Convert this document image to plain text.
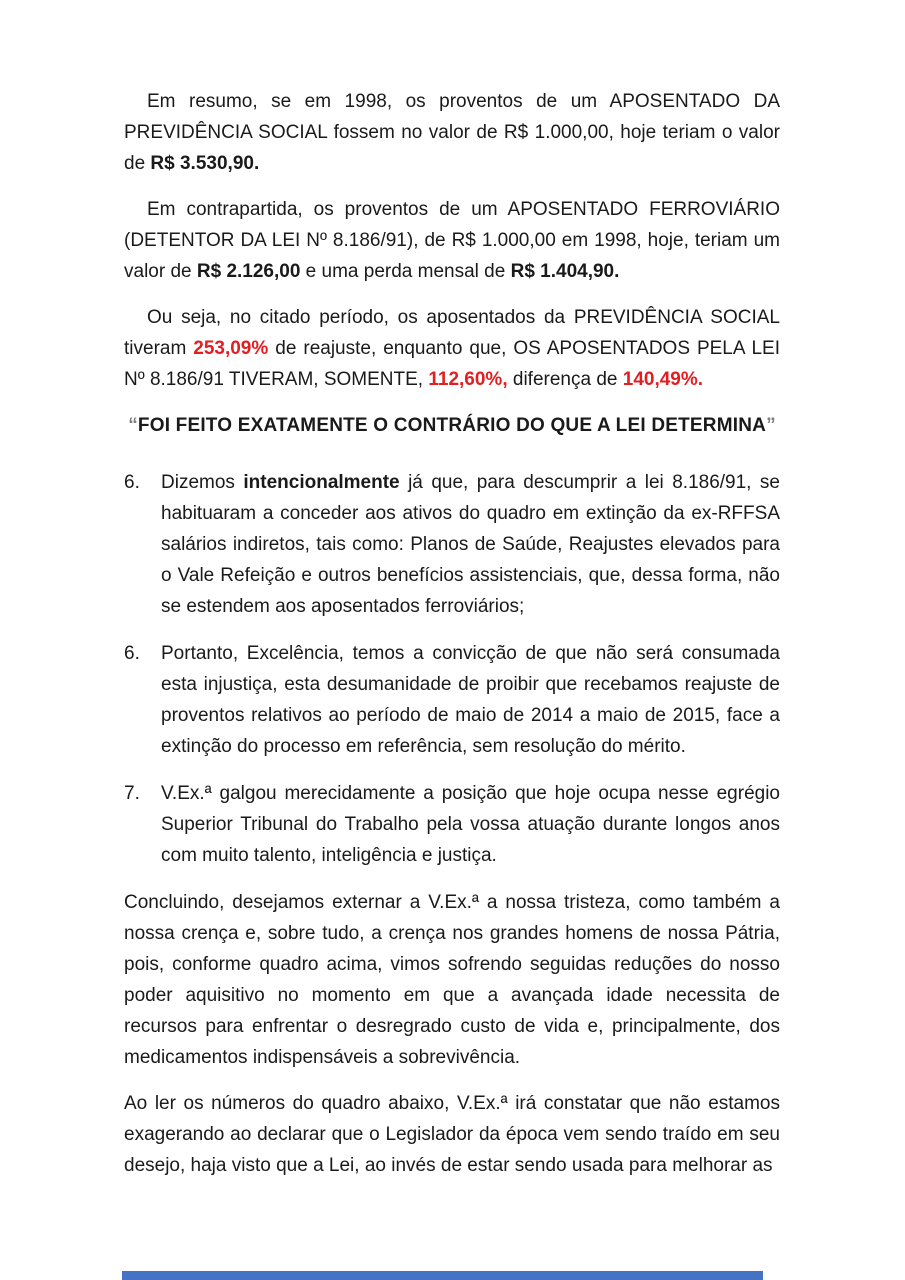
Em resumo, se em 1998, os proventos de um APOSENTADO DA PREVIDÊNCIA SOCIAL fossem no valor de R$ 1.000,00, hoje teriam o valor de R$ 3.530,90.

Em contrapartida, os proventos de um APOSENTADO FERROVIÁRIO (DETENTOR DA LEI Nº 8.186/91), de R$ 1.000,00 em 1998, hoje, teriam um valor de R$ 2.126,00 e uma perda mensal de R$ 1.404,90.

Ou seja, no citado período, os aposentados da PREVIDÊNCIA SOCIAL tiveram 253,09% de reajuste, enquanto que, OS APOSENTADOS PELA LEI Nº 8.186/91 TIVERAM, SOMENTE, 112,60%, diferença de 140,49%.

“FOI FEITO EXATAMENTE O CONTRÁRIO DO QUE A LEI DETERMINA”

6.	Dizemos intencionalmente já que, para descumprir a lei 8.186/91, se habituaram a conceder aos ativos do quadro em extinção da ex-RFFSA salários indiretos, tais como: Planos de Saúde, Reajustes elevados para o Vale Refeição e outros benefícios assistenciais, que, dessa forma, não se estendem aos aposentados ferroviários;

6.	Portanto, Excelência, temos a convicção de que não será consumada esta injustiça, esta desumanidade de proibir que recebamos reajuste de proventos relativos ao período de maio de 2014 a maio de 2015, face a extinção do processo em referência, sem resolução do mérito.

7.	V.Ex.ª galgou merecidamente a posição que hoje ocupa nesse egrégio Superior Tribunal do Trabalho pela vossa atuação durante longos anos com muito talento, inteligência e justiça.

Concluindo, desejamos externar a V.Ex.ª a nossa tristeza, como também a nossa crença e, sobre tudo, a crença nos grandes homens de nossa Pátria, pois, conforme quadro acima, vimos sofrendo seguidas reduções do nosso poder aquisitivo no momento em que a avançada idade necessita de recursos para enfrentar o desregrado custo de vida e, principalmente, dos medicamentos indispensáveis a sobrevivência.

Ao ler os números do quadro abaixo, V.Ex.ª irá constatar que não estamos exagerando ao declarar que o Legislador da época vem sendo traído em seu desejo, haja visto que a Lei, ao invés de estar sendo usada para melhorar as
